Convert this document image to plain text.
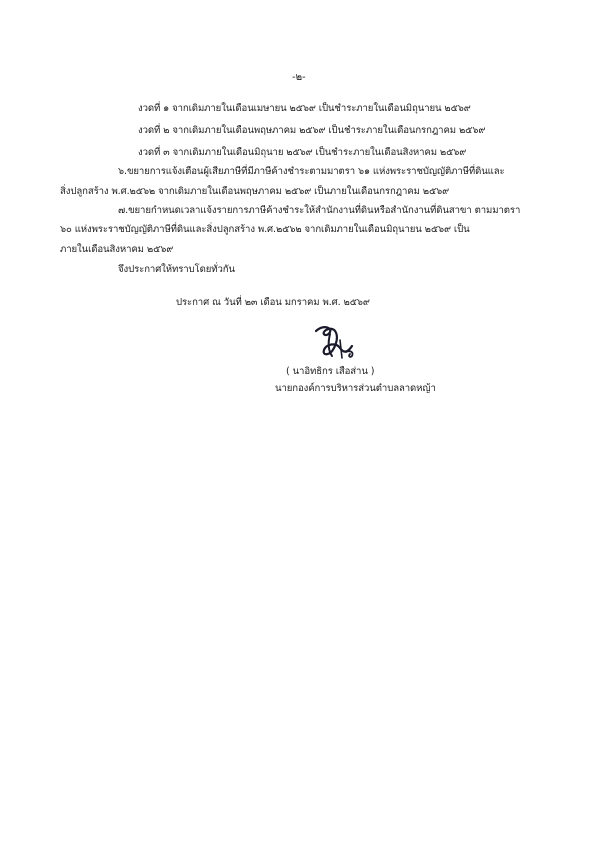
-๒-
งวดที่ ๑ จากเดิมภายในเดือนเมษายน ๒๕๖๙ เป็นชำระภายในเดือนมิถุนายน ๒๕๖๙
งวดที่ ๒ จากเดิมภายในเดือนพฤษภาคม ๒๕๖๙ เป็นชำระภายในเดือนกรกฎาคม ๒๕๖๙
งวดที่ ๓ จากเดิมภายในเดือนมิถุนาย ๒๕๖๙ เป็นชำระภายในเดือนสิงหาคม ๒๕๖๙
๖.ขยายการแจ้งเตือนผู้เสียภาษีที่มีภาษีค้างชำระตามมาตรา ๖๑ แห่งพระราชบัญญัติภาษีที่ดินและ
สิ่งปลูกสร้าง พ.ศ.๒๕๖๒ จากเดิมภายในเดือนพฤษภาคม ๒๕๖๙ เป็นภายในเดือนกรกฎาคม ๒๕๖๙
๗.ขยายกำหนดเวลาแจ้งรายการภาษีค้างชำระให้สำนักงานที่ดินหรือสำนักงานที่ดินสาขา ตามมาตรา
๖๐ แห่งพระราชบัญญัติภาษีที่ดินและสิ่งปลูกสร้าง พ.ศ.๒๕๖๒ จากเดิมภายในเดือนมิถุนายน ๒๕๖๙ เป็น
ภายในเดือนสิงหาคม ๒๕๖๙
จึงประกาศให้ทราบโดยทั่วกัน
ประกาศ ณ วันที่ ๒๓ เดือน มกราคม พ.ศ. ๒๕๖๙
( นาอิทธิกร เสือส่าน )
นายกองค์การบริหารส่วนตำบลลาดหญ้า
